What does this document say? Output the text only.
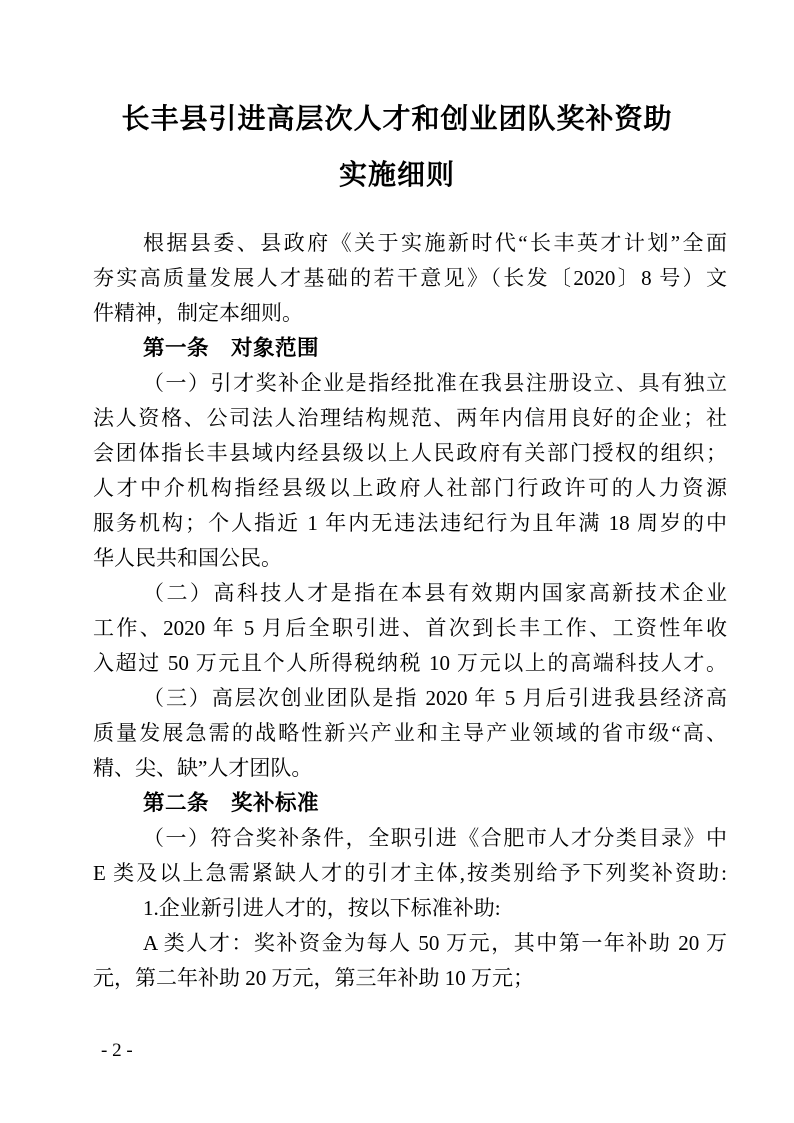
长丰县引进高层次人才和创业团队奖补资助
实施细则
根据县委、县政府《关于实施新时代“长丰英才计划”全面
夯实高质量发展人才基础的若干意见》（长发〔2020〕8 号）文
件精神，制定本细则。
第一条　对象范围
（一）引才奖补企业是指经批准在我县注册设立、具有独立
法人资格、公司法人治理结构规范、两年内信用良好的企业；社
会团体指长丰县域内经县级以上人民政府有关部门授权的组织；
人才中介机构指经县级以上政府人社部门行政许可的人力资源
服务机构；个人指近 1 年内无违法违纪行为且年满 18 周岁的中
华人民共和国公民。
（二）高科技人才是指在本县有效期内国家高新技术企业
工作、2020 年 5 月后全职引进、首次到长丰工作、工资性年收
入超过 50 万元且个人所得税纳税 10 万元以上的高端科技人才。
（三）高层次创业团队是指 2020 年 5 月后引进我县经济高
质量发展急需的战略性新兴产业和主导产业领域的省市级“高、
精、尖、缺”人才团队。
第二条　奖补标准
（一）符合奖补条件，全职引进《合肥市人才分类目录》中
E 类及以上急需紧缺人才的引才主体,按类别给予下列奖补资助:
1.企业新引进人才的，按以下标准补助:
A 类人才：奖补资金为每人 50 万元，其中第一年补助 20 万
元，第二年补助 20 万元，第三年补助 10 万元；
- 2 -
